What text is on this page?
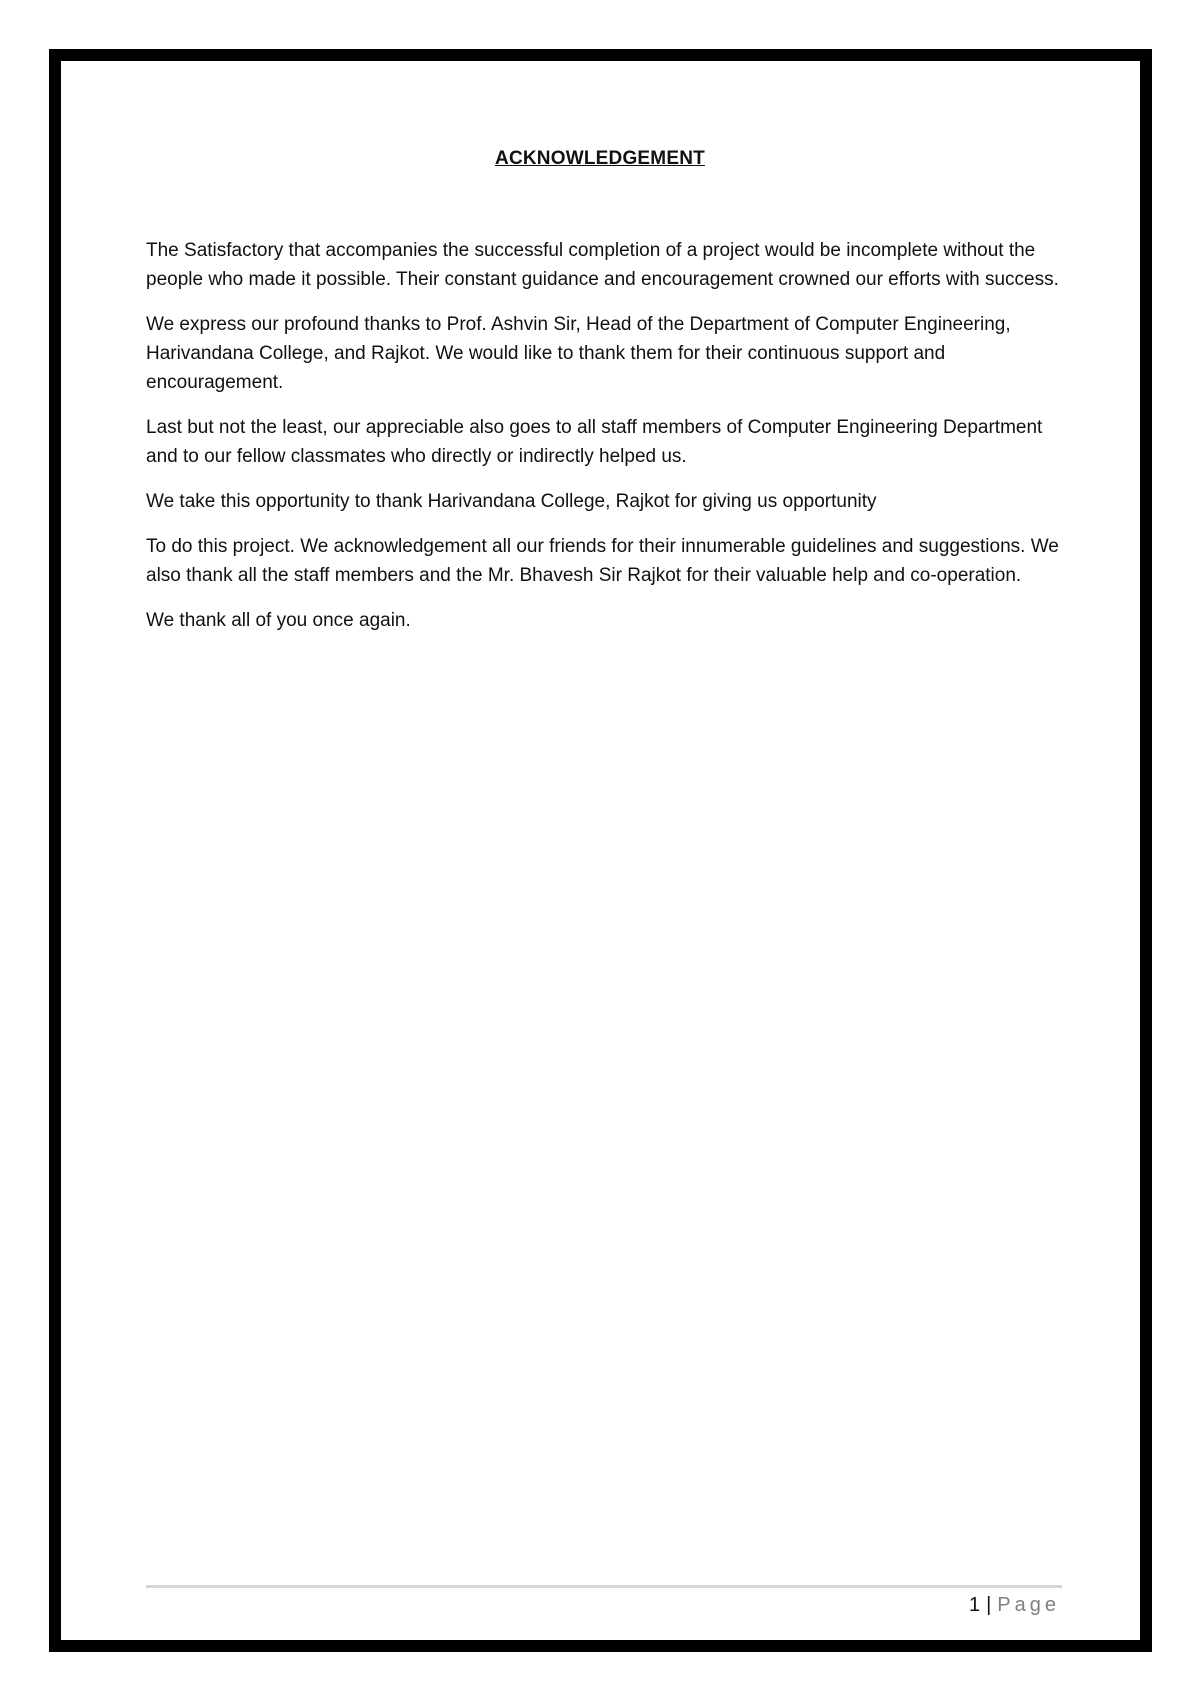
ACKNOWLEDGEMENT

The Satisfactory that accompanies the successful completion of a project would be incomplete without the people who made it possible. Their constant guidance and encouragement crowned our efforts with success.

We express our profound thanks to Prof. Ashvin Sir, Head of the Department of Computer Engineering, Harivandana College, and Rajkot. We would like to thank them for their continuous support and encouragement.

Last but not the least, our appreciable also goes to all staff members of Computer Engineering Department and to our fellow classmates who directly or indirectly helped us.

We take this opportunity to thank Harivandana College, Rajkot for giving us opportunity

To do this project. We acknowledgement all our friends for their innumerable guidelines and suggestions. We also thank all the staff members and the Mr. Bhavesh Sir Rajkot for their valuable help and co-operation.

We thank all of you once again.

1 | Page
